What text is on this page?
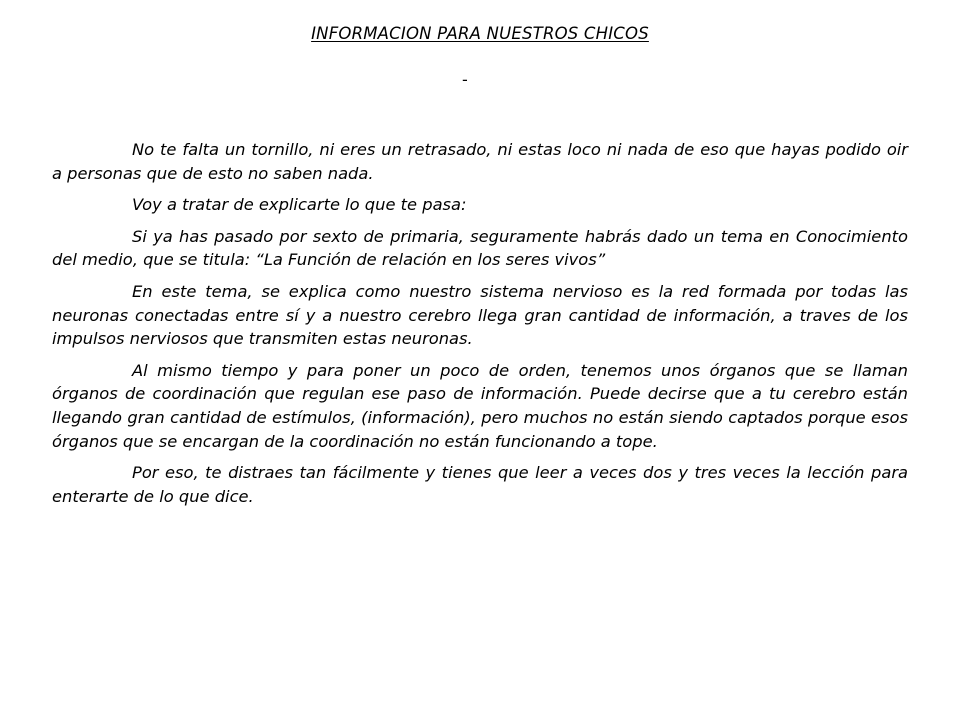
INFORMACION PARA NUESTROS CHICOS
-

No te falta un tornillo, ni eres un retrasado, ni estas loco ni nada de eso que hayas podido oir a personas que de esto no saben nada.

Voy a tratar de explicarte lo que te pasa:

Si ya has pasado por sexto de primaria, seguramente habrás dado un tema en Conocimiento del medio, que se titula: “La Función de relación en los seres vivos”

En este tema, se explica como nuestro sistema nervioso es la red formada por todas las neuronas conectadas entre sí y a nuestro cerebro llega gran cantidad de información, a traves de los impulsos nerviosos que transmiten estas neuronas.

Al mismo tiempo y para poner un poco de orden, tenemos unos órganos que se llaman órganos de coordinación que regulan ese paso de información. Puede decirse que a tu cerebro están llegando gran cantidad de estímulos, (información), pero muchos no están siendo captados porque esos órganos que se encargan de la coordinación no están funcionando a tope.

Por eso, te distraes tan fácilmente y tienes que leer a veces dos y tres veces la lección para enterarte de lo que dice.
